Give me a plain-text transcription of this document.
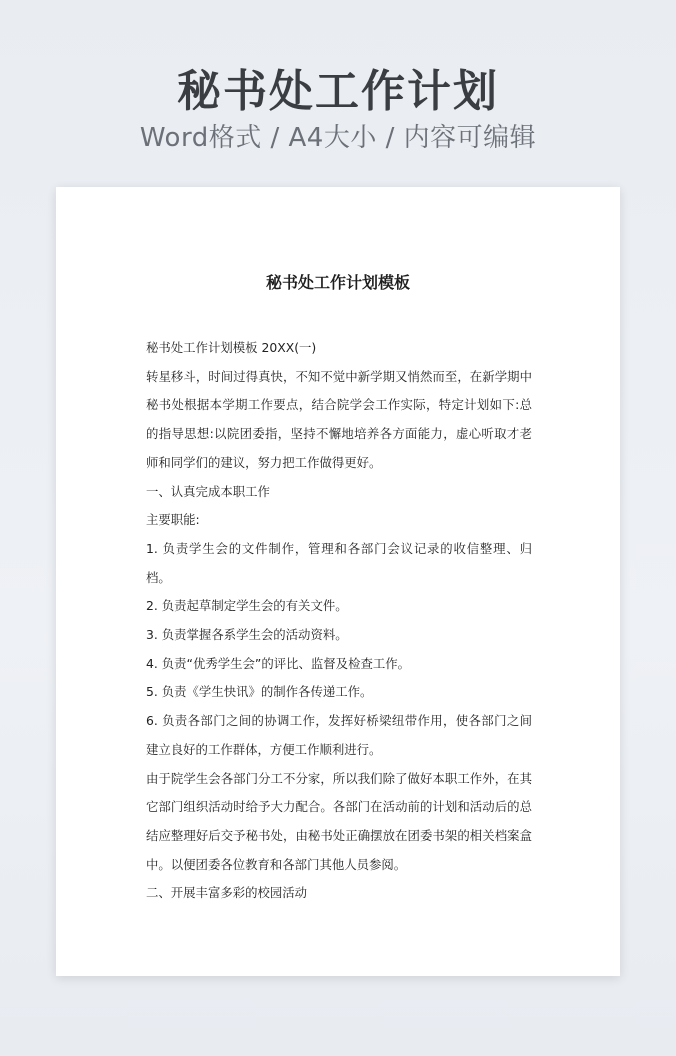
秘书处工作计划
Word格式 / A4大小 / 内容可编辑
秘书处工作计划模板

秘书处工作计划模板 20XX(一)

转星移斗，时间过得真快，不知不觉中新学期又悄然而至，在新学期中秘书处根据本学期工作要点，结合院学会工作实际，特定计划如下:总的指导思想:以院团委指，坚持不懈地培养各方面能力，虚心听取才老师和同学们的建议，努力把工作做得更好。

一、认真完成本职工作

主要职能:

1. 负责学生会的文件制作，管理和各部门会议记录的收信整理、归档。

2. 负责起草制定学生会的有关文件。

3. 负责掌握各系学生会的活动资料。

4. 负责“优秀学生会”的评比、监督及检查工作。

5. 负责《学生快讯》的制作各传递工作。

6. 负责各部门之间的协调工作，发挥好桥梁纽带作用，使各部门之间建立良好的工作群体，方便工作顺利进行。

由于院学生会各部门分工不分家，所以我们除了做好本职工作外，在其它部门组织活动时给予大力配合。各部门在活动前的计划和活动后的总结应整理好后交予秘书处，由秘书处正确摆放在团委书架的相关档案盒中。以便团委各位教育和各部门其他人员参阅。

二、开展丰富多彩的校园活动
